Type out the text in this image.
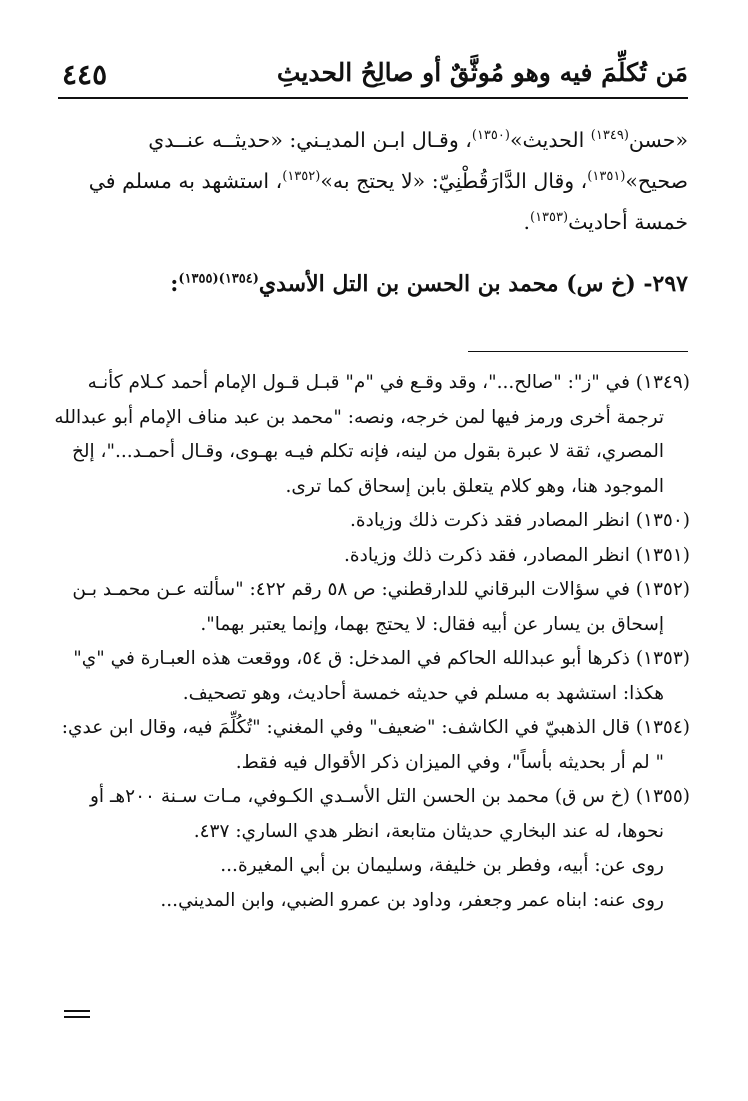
٤٤٥	مَن تُكلِّمَ فيه وهو مُوثَّقٌ أو صالِحُ الحديثِ
«حسن$^{(١٣٤٩)}$ الحديث»$^{(١٣٥٠)}$، وقـال ابـن المديـني: «حديثــه عنــدي
صحيح»$^{(١٣٥١)}$، وقال الدَّارَقُطْنِيّ: «لا يحتج به»$^{(١٣٥٢)}$، استشهد به مسلم في
خمسة أحاديث$^{(١٣٥٣)}$.
٢٩٧- (خ س) محمد بن الحسن بن التل الأسدي$^{(١٣٥٤)(١٣٥٥)}$:
(١٣٤٩) في "ز": "صالح..."، وقد وقـع في "م" قبـل قـول الإمام أحمد كـلام كأنـه
ترجمة أخرى ورمز فيها لمن خرجه، ونصه: "محمد بن عبد مناف الإمام أبو عبدالله
المصري، ثقة لا عبرة بقول من لينه، فإنه تكلم فيـه بهـوى، وقـال أحمـد..."، إلخ
الموجود هنا، وهو كلام يتعلق بابن إسحاق كما ترى.
(١٣٥٠) انظر المصادر فقد ذكرت ذلك وزيادة.
(١٣٥١) انظر المصادر، فقد ذكرت ذلك وزيادة.
(١٣٥٢) في سؤالات البرقاني للدارقطني: ص ٥٨ رقم ٤٢٢: "سألته عـن محمـد بـن
إسحاق بن يسار عن أبيه فقال: لا يحتج بهما، وإنما يعتبر بهما".
(١٣٥٣) ذكرها أبو عبدالله الحاكم في المدخل: ق ٥٤، ووقعت هذه العبـارة في "ي"
هكذا: استشهد به مسلم في حديثه خمسة أحاديث، وهو تصحيف.
(١٣٥٤) قال الذهبيّ في الكاشف: "ضعيف" وفي المغني: "تُكُلِّمَ فيه، وقال ابن عدي:
" لم أر بحديثه بأساً"، وفي الميزان ذكر الأقوال فيه فقط.
(١٣٥٥) (خ س ق) محمد بن الحسن التل الأسـدي الكـوفي، مـات سـنة ٢٠٠هـ أو
نحوها، له عند البخاري حديثان متابعة، انظر هدي الساري: ٤٣٧.
روى عن: أبيه، وفطر بن خليفة، وسليمان بن أبي المغيرة...
روى عنه: ابناه عمر وجعفر، وداود بن عمرو الضبي، وابن المديني...
